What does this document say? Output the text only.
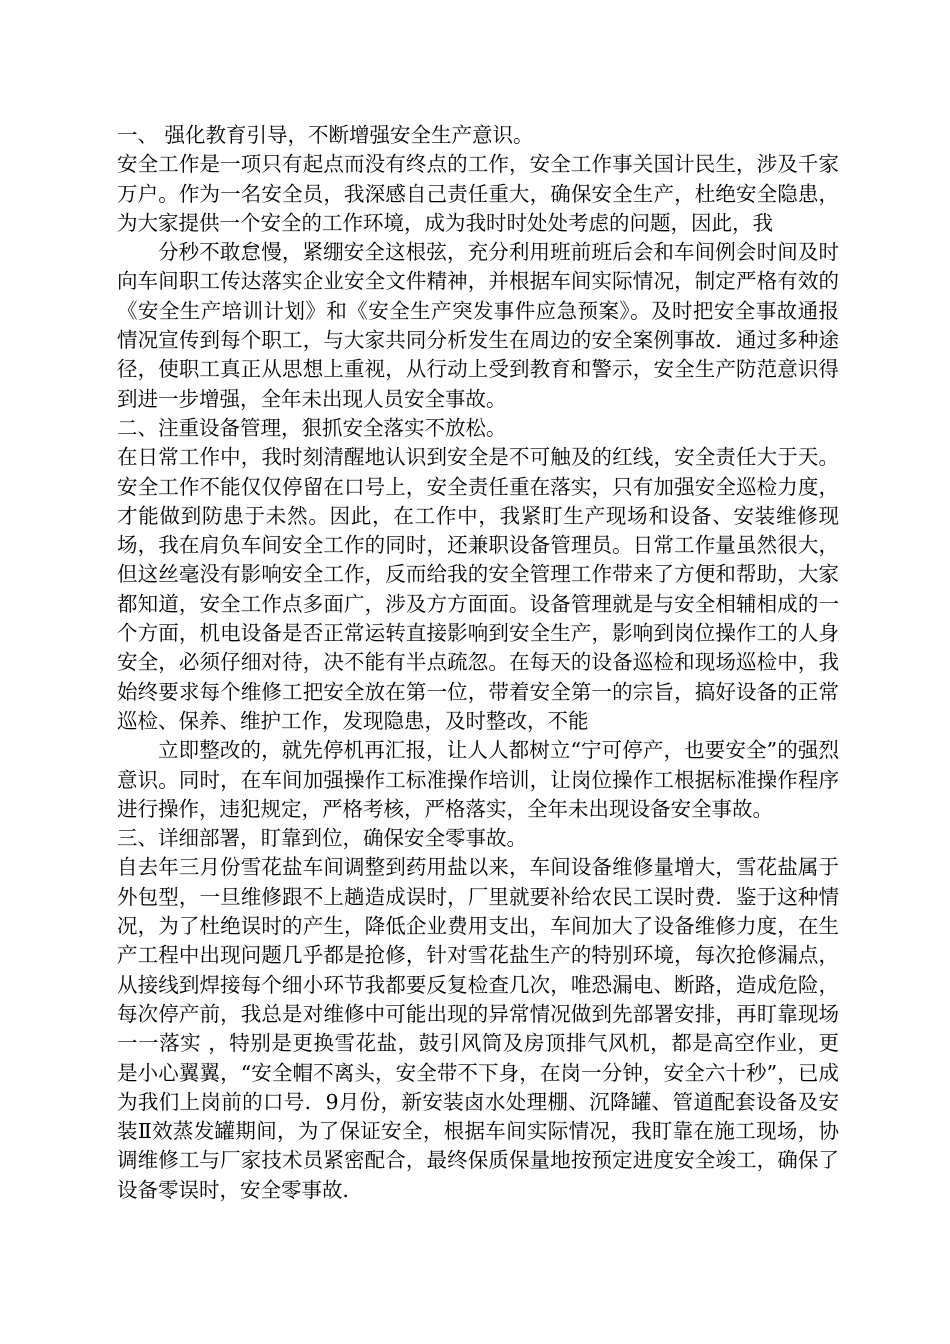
一、 强化教育引导，不断增强安全生产意识。

安全工作是一项只有起点而没有终点的工作，安全工作事关国计民生，涉及千家万户。作为一名安全员，我深感自己责任重大，确保安全生产，杜绝安全隐患，为大家提供一个安全的工作环境，成为我时时处处考虑的问题，因此，我

分秒不敢怠慢，紧绷安全这根弦，充分利用班前班后会和车间例会时间及时向车间职工传达落实企业安全文件精神，并根据车间实际情况，制定严格有效的《安全生产培训计划》和《安全生产突发事件应急预案》。及时把安全事故通报情况宣传到每个职工，与大家共同分析发生在周边的安全案例事故．通过多种途径，使职工真正从思想上重视，从行动上受到教育和警示，安全生产防范意识得到进一步增强，全年未出现人员安全事故。

二、注重设备管理，狠抓安全落实不放松。

在日常工作中，我时刻清醒地认识到安全是不可触及的红线，安全责任大于天。安全工作不能仅仅停留在口号上，安全责任重在落实，只有加强安全巡检力度，才能做到防患于未然。因此，在工作中，我紧盯生产现场和设备、安装维修现场，我在肩负车间安全工作的同时，还兼职设备管理员。日常工作量虽然很大，但这丝毫没有影响安全工作，反而给我的安全管理工作带来了方便和帮助，大家都知道，安全工作点多面广，涉及方方面面。设备管理就是与安全相辅相成的一个方面，机电设备是否正常运转直接影响到安全生产，影响到岗位操作工的人身安全，必须仔细对待，决不能有半点疏忽。在每天的设备巡检和现场巡检中，我始终要求每个维修工把安全放在第一位，带着安全第一的宗旨，搞好设备的正常巡检、保养、维护工作，发现隐患，及时整改，不能

立即整改的，就先停机再汇报，让人人都树立“宁可停产，也要安全”的强烈意识。同时，在车间加强操作工标准操作培训，让岗位操作工根据标准操作程序进行操作，违犯规定，严格考核，严格落实，全年未出现设备安全事故。

三、详细部署，盯靠到位，确保安全零事故。

自去年三月份雪花盐车间调整到药用盐以来，车间设备维修量增大，雪花盐属于外包型，一旦维修跟不上趟造成误时，厂里就要补给农民工误时费．鉴于这种情况，为了杜绝误时的产生，降低企业费用支出，车间加大了设备维修力度，在生产工程中出现问题几乎都是抢修，针对雪花盐生产的特别环境，每次抢修漏点，从接线到焊接每个细小环节我都要反复检查几次，唯恐漏电、断路，造成危险，每次停产前，我总是对维修中可能出现的异常情况做到先部署安排，再盯靠现场一一落实 ，特别是更换雪花盐，鼓引风筒及房顶排气风机，都是高空作业，更是小心翼翼，“安全帽不离头，安全带不下身，在岗一分钟，安全六十秒”，已成为我们上岗前的口号．9月份，新安装卤水处理棚、沉降罐、管道配套设备及安装Ⅱ效蒸发罐期间，为了保证安全，根据车间实际情况，我盯靠在施工现场，协调维修工与厂家技术员紧密配合，最终保质保量地按预定进度安全竣工，确保了设备零误时，安全零事故．
